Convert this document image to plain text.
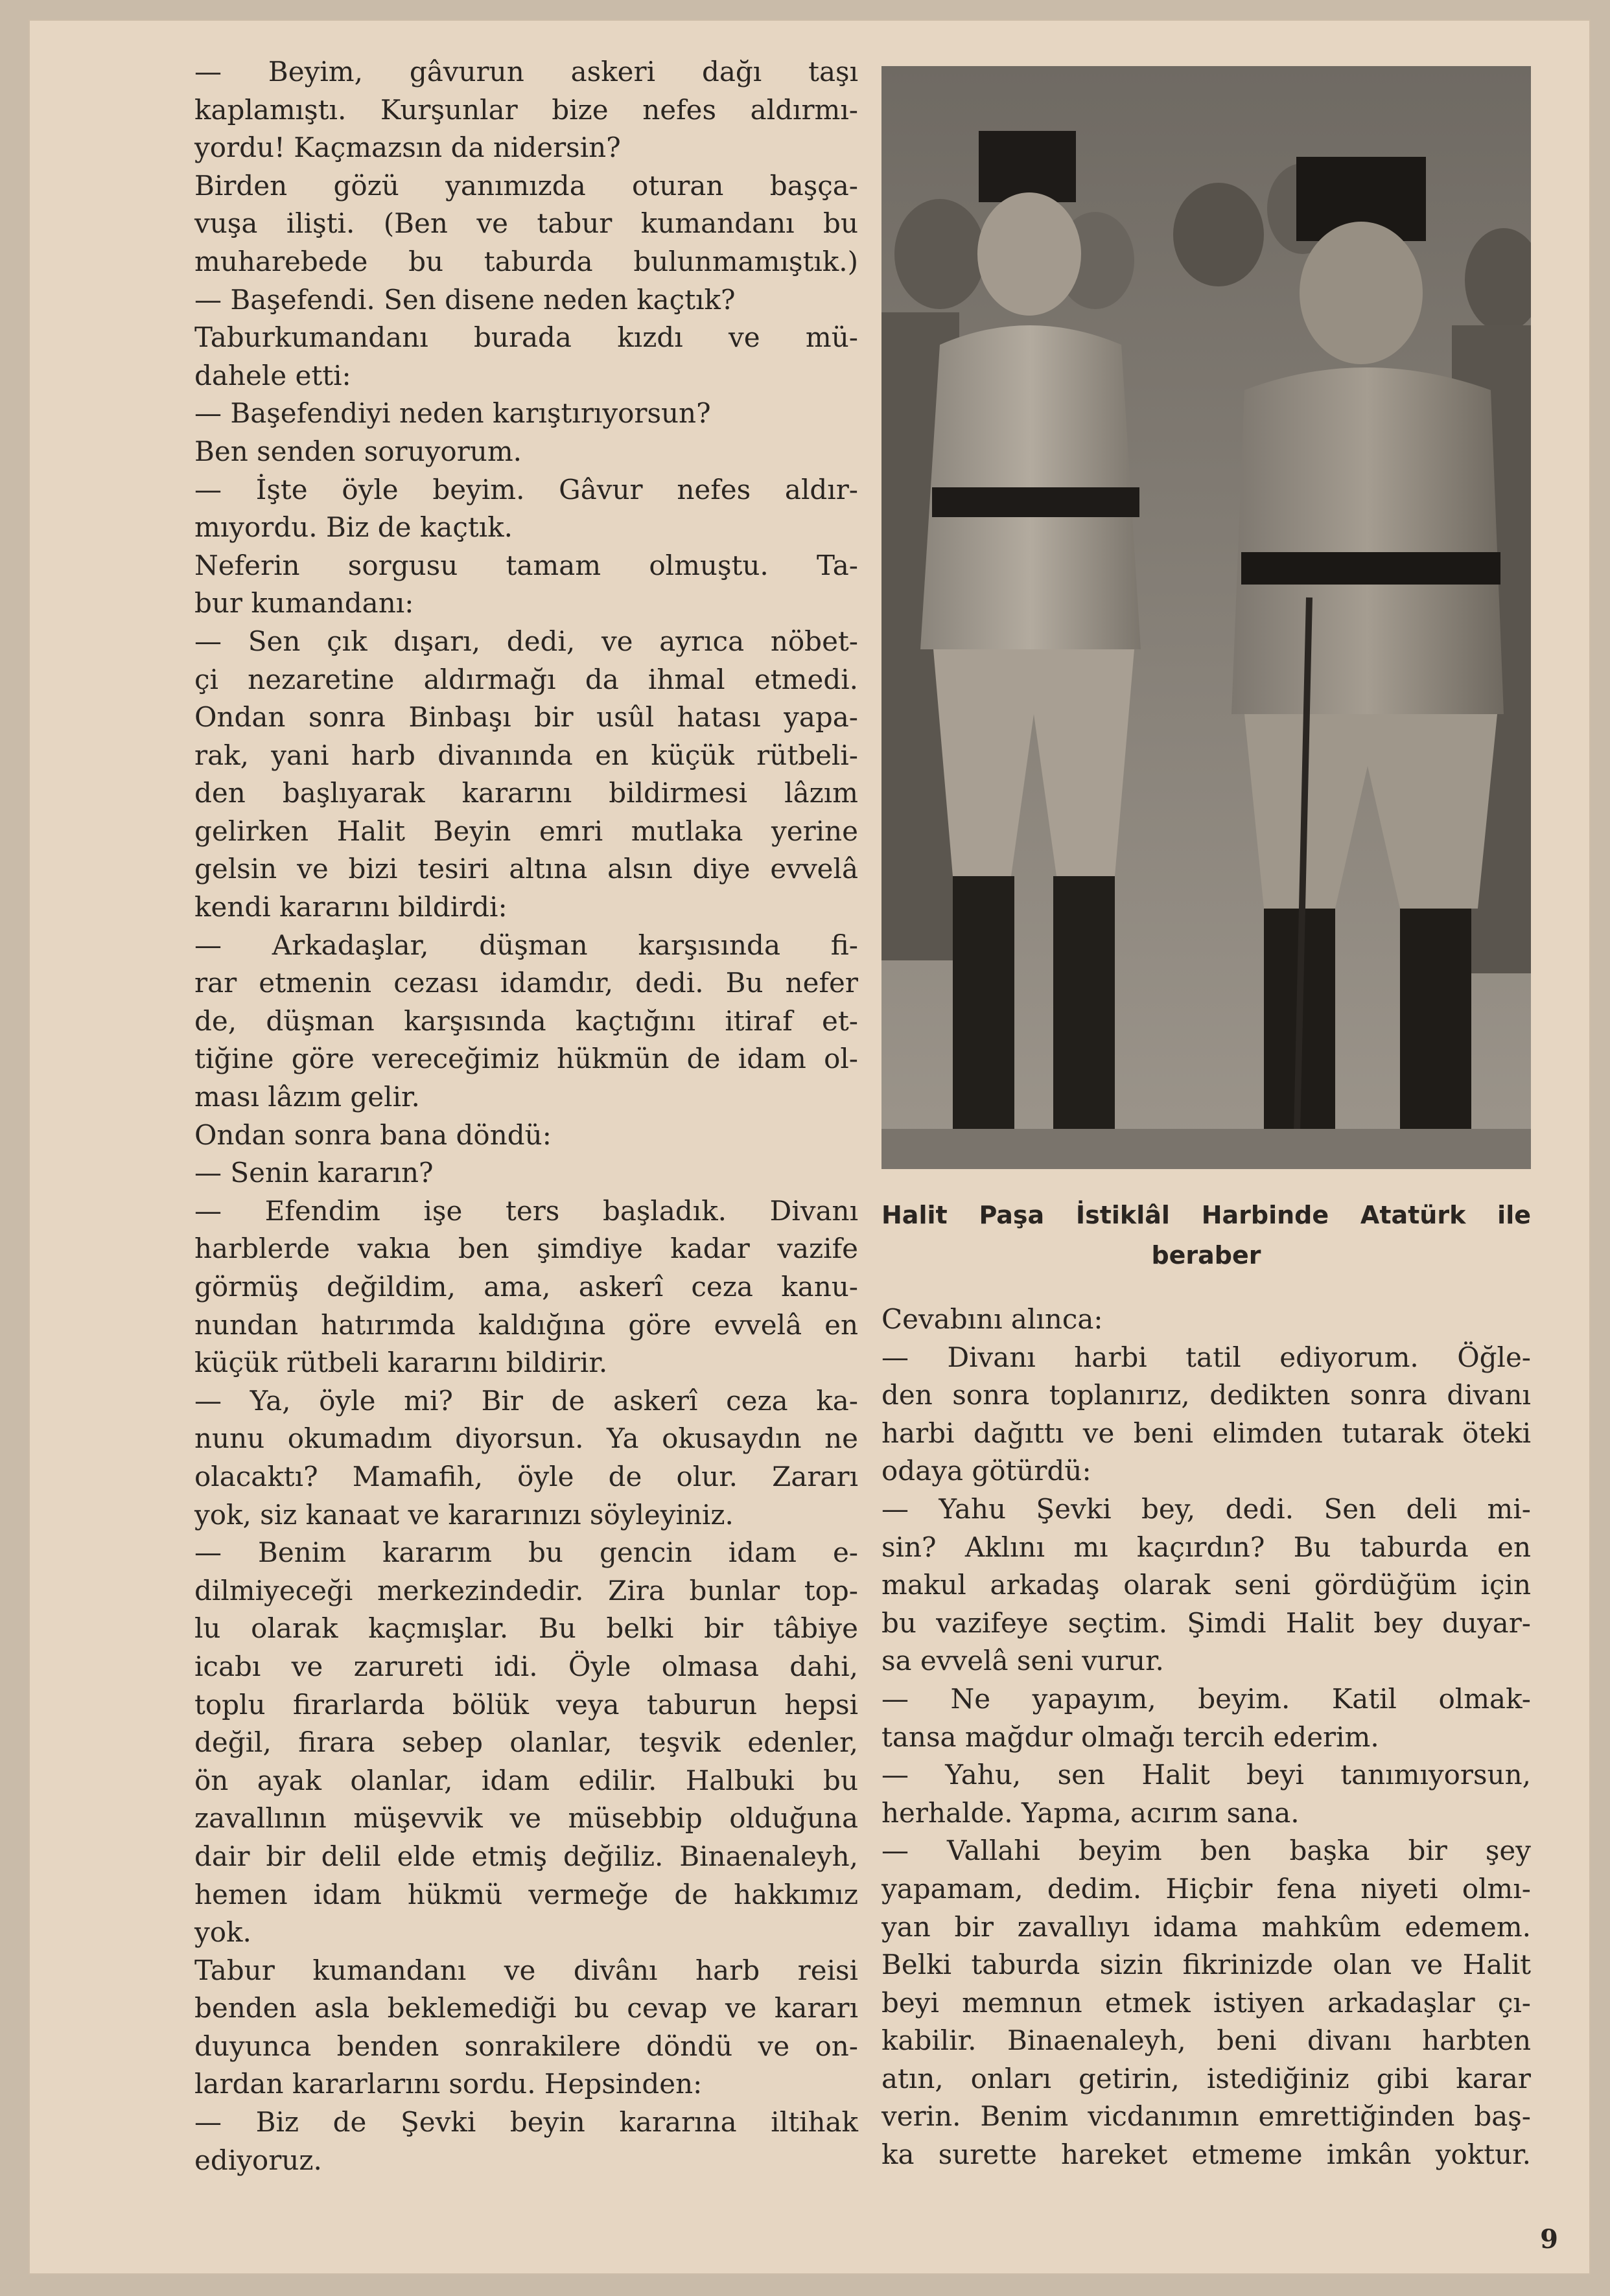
— Beyim, gâvurun askeri dağı taşı

kaplamıştı. Kurşunlar bize nefes aldırmı-

yordu! Kaçmazsın da nidersin?

Birden gözü yanımızda oturan başça-

vuşa ilişti. (Ben ve tabur kumandanı bu

muharebede bu taburda bulunmamıştık.)

— Başefendi. Sen disene neden kaçtık?

Taburkumandanı burada kızdı ve mü-

dahele etti:

— Başefendiyi neden karıştırıyorsun?

Ben senden soruyorum.

— İşte öyle beyim. Gâvur nefes aldır-

mıyordu. Biz de kaçtık.

Neferin sorgusu tamam olmuştu. Ta-

bur kumandanı:

— Sen çık dışarı, dedi, ve ayrıca nöbet-

çi nezaretine aldırmağı da ihmal etmedi.

Ondan sonra Binbaşı bir usûl hatası yapa-

rak, yani harb divanında en küçük rütbeli-

den başlıyarak kararını bildirmesi lâzım

gelirken Halit Beyin emri mutlaka yerine

gelsin ve bizi tesiri altına alsın diye evvelâ

kendi kararını bildirdi:

— Arkadaşlar, düşman karşısında fi-

rar etmenin cezası idamdır, dedi. Bu nefer

de, düşman karşısında kaçtığını itiraf et-

tiğine göre vereceğimiz hükmün de idam ol-

ması lâzım gelir.

Ondan sonra bana döndü:

— Senin kararın?

— Efendim işe ters başladık. Divanı

harblerde vakıa ben şimdiye kadar vazife

görmüş değildim, ama, askerî ceza kanu-

nundan hatırımda kaldığına göre evvelâ en

küçük rütbeli kararını bildirir.

— Ya, öyle mi? Bir de askerî ceza ka-

nunu okumadım diyorsun. Ya okusaydın ne

olacaktı? Mamafih, öyle de olur. Zararı

yok, siz kanaat ve kararınızı söyleyiniz.

— Benim kararım bu gencin idam e-

dilmiyeceği merkezindedir. Zira bunlar top-

lu olarak kaçmışlar. Bu belki bir tâbiye

icabı ve zarureti idi. Öyle olmasa dahi,

toplu firarlarda bölük veya taburun hepsi

değil, firara sebep olanlar, teşvik edenler,

ön ayak olanlar, idam edilir. Halbuki bu

zavallının müşevvik ve müsebbip olduğuna

dair bir delil elde etmiş değiliz. Binaenaleyh,

hemen idam hükmü vermeğe de hakkımız

yok.

Tabur kumandanı ve divânı harb reisi

benden asla beklemediği bu cevap ve kararı

duyunca benden sonrakilere döndü ve on-

lardan kararlarını sordu. Hepsinden:

— Biz de Şevki beyin kararına iltihak

ediyoruz.

Halit Paşa İstiklâl Harbinde Atatürk ile
beraber

Cevabını alınca:

— Divanı harbi tatil ediyorum. Öğle-

den sonra toplanırız, dedikten sonra divanı

harbi dağıttı ve beni elimden tutarak öteki

odaya götürdü:

— Yahu Şevki bey, dedi. Sen deli mi-

sin? Aklını mı kaçırdın? Bu taburda en

makul arkadaş olarak seni gördüğüm için

bu vazifeye seçtim. Şimdi Halit bey duyar-

sa evvelâ seni vurur.

— Ne yapayım, beyim. Katil olmak-

tansa mağdur olmağı tercih ederim.

— Yahu, sen Halit beyi tanımıyorsun,

herhalde. Yapma, acırım sana.

— Vallahi beyim ben başka bir şey

yapamam, dedim. Hiçbir fena niyeti olmı-

yan bir zavallıyı idama mahkûm edemem.

Belki taburda sizin fikrinizde olan ve Halit

beyi memnun etmek istiyen arkadaşlar çı-

kabilir. Binaenaleyh, beni divanı harbten

atın, onları getirin, istediğiniz gibi karar

verin. Benim vicdanımın emrettiğinden baş-

ka surette hareket etmeme imkân yoktur.

9
